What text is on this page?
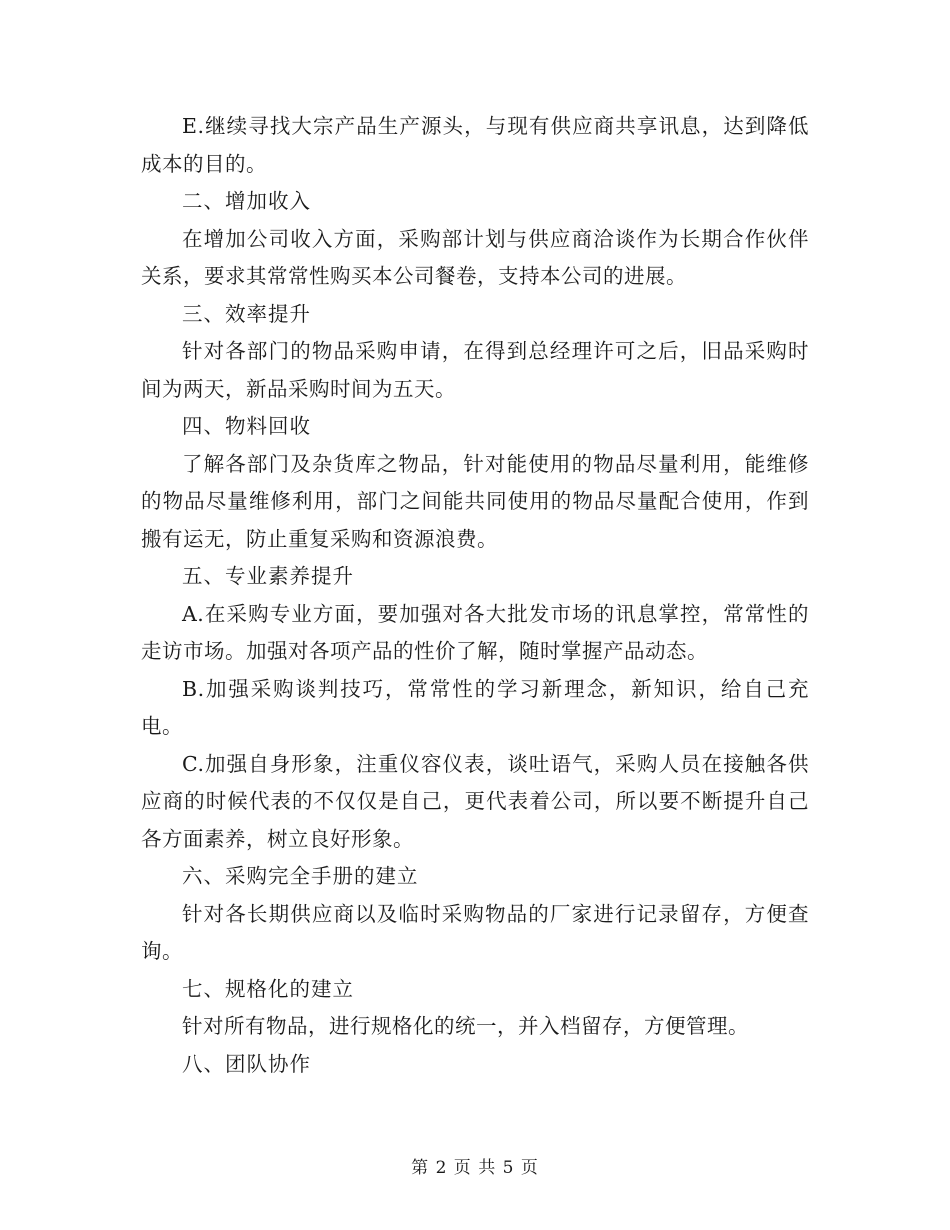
E.继续寻找大宗产品生产源头，与现有供应商共享讯息，达到降低成本的目的。

二、增加收入

在增加公司收入方面，采购部计划与供应商洽谈作为长期合作伙伴关系，要求其常常性购买本公司餐卷，支持本公司的进展。

三、效率提升

针对各部门的物品采购申请，在得到总经理许可之后，旧品采购时间为两天，新品采购时间为五天。

四、物料回收

了解各部门及杂货库之物品，针对能使用的物品尽量利用，能维修的物品尽量维修利用，部门之间能共同使用的物品尽量配合使用，作到搬有运无，防止重复采购和资源浪费。

五、专业素养提升

A.在采购专业方面，要加强对各大批发市场的讯息掌控，常常性的走访市场。加强对各项产品的性价了解，随时掌握产品动态。

B.加强采购谈判技巧，常常性的学习新理念，新知识，给自己充电。

C.加强自身形象，注重仪容仪表，谈吐语气，采购人员在接触各供应商的时候代表的不仅仅是自己，更代表着公司，所以要不断提升自己各方面素养，树立良好形象。

六、采购完全手册的建立

针对各长期供应商以及临时采购物品的厂家进行记录留存，方便查询。

七、规格化的建立

针对所有物品，进行规格化的统一，并入档留存，方便管理。

八、团队协作

第 2 页 共 5 页
